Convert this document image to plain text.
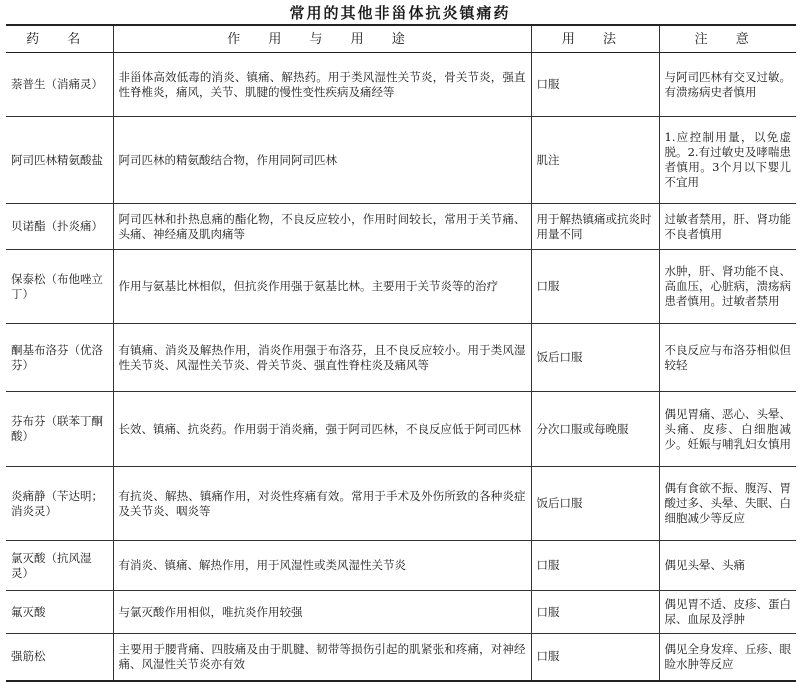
常用的其他非甾体抗炎镇痛药
药 名	作 用 与 用 途	用 法	注 意
萘普生（消痛灵）	非甾体高效低毒的消炎、镇痛、解热药。用于类风湿性关节炎，骨关节炎，强直性脊椎炎，痛风，关节、肌腱的慢性变性疾病及痛经等	口服	与阿司匹林有交叉过敏。有溃疡病史者慎用
阿司匹林精氨酸盐	阿司匹林的精氨酸结合物，作用同阿司匹林	肌注	1.应控制用量，以免虚脱。2.有过敏史及哮喘患者慎用。3个月以下婴儿不宜用
贝诺酯（扑炎痛）	阿司匹林和扑热息痛的酯化物，不良反应较小，作用时间较长，常用于关节痛、头痛、神经痛及肌肉痛等	用于解热镇痛或抗炎时用量不同	过敏者禁用，肝、肾功能不良者慎用
保泰松（布他唑立丁）	作用与氨基比林相似，但抗炎作用强于氨基比林。主要用于关节炎等的治疗	口服	水肿，肝、肾功能不良、高血压，心脏病，溃疡病患者慎用。过敏者禁用
酮基布洛芬（优洛芬）	有镇痛、消炎及解热作用，消炎作用强于布洛芬，且不良反应较小。用于类风湿性关节炎、风湿性关节炎、骨关节炎、强直性脊柱炎及痛风等	饭后口服	不良反应与布洛芬相似但较轻
芬布芬（联苯丁酮酸）	长效、镇痛、抗炎药。作用弱于消炎痛，强于阿司匹林，不良反应低于阿司匹林	分次口服或每晚服	偶见胃痛、恶心、头晕、头痛、皮疹、白细胞减少。妊娠与哺乳妇女慎用
炎痛静（苄达明；消炎灵）	有抗炎、解热、镇痛作用，对炎性疼痛有效。常用于手术及外伤所致的各种炎症及关节炎、咽炎等	饭后口服	偶有食欲不振、腹泻、胃酸过多、头晕、失眠、白细胞减少等反应
氯灭酸（抗风湿灵）	有消炎、镇痛、解热作用，用于风湿性或类风湿性关节炎	口服	偶见头晕、头痛
氟灭酸	与氯灭酸作用相似，唯抗炎作用较强	口服	偶见胃不适、皮疹、蛋白尿、血尿及浮肿
强筋松	主要用于腰背痛、四肢痛及由于肌腱、韧带等损伤引起的肌紧张和疼痛，对神经痛、风湿性关节炎亦有效	口服	偶见全身发痒、丘疹、眼睑水肿等反应
